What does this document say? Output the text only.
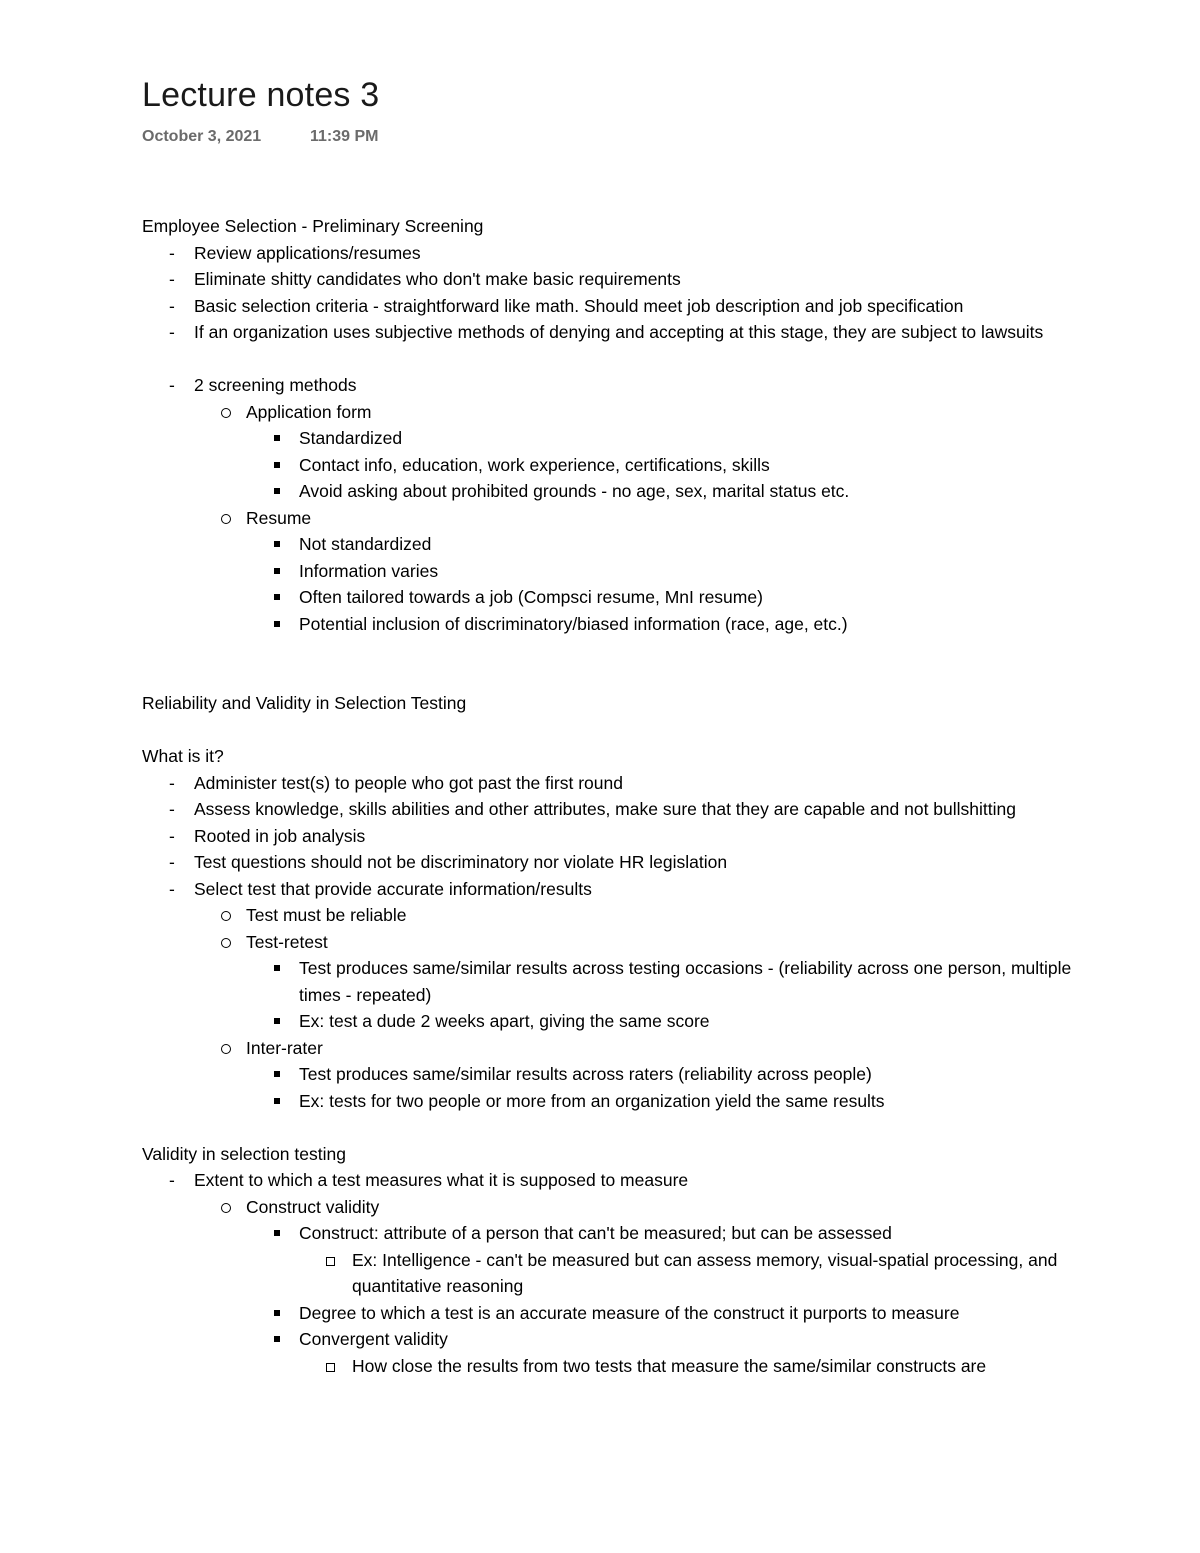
Lecture notes 3
October 3, 2021	11:39 PM

Employee Selection - Preliminary Screening

- Review applications/resumes
- Eliminate shitty candidates who don't make basic requirements
- Basic selection criteria - straightforward like math. Should meet job description and job specification
- If an organization uses subjective methods of denying and accepting at this stage, they are subject to lawsuits
- 2 screening methods
Application form
Standardized
Contact info, education, work experience, certifications, skills
Avoid asking about prohibited grounds - no age, sex, marital status etc.
Resume
Not standardized
Information varies
Often tailored towards a job (Compsci resume, MnI resume)
Potential inclusion of discriminatory/biased information (race, age, etc.)

Reliability and Validity in Selection Testing

What is it?

- Administer test(s) to people who got past the first round
- Assess knowledge, skills abilities and other attributes, make sure that they are capable and not bullshitting
- Rooted in job analysis
- Test questions should not be discriminatory nor violate HR legislation
- Select test that provide accurate information/results
Test must be reliable
Test-retest
Test produces same/similar results across testing occasions - (reliability across one person, multiple times - repeated)
Ex: test a dude 2 weeks apart, giving the same score
Inter-rater
Test produces same/similar results across raters (reliability across people)
Ex: tests for two people or more from an organization yield the same results

Validity in selection testing

- Extent to which a test measures what it is supposed to measure
Construct validity
Construct: attribute of a person that can't be measured; but can be assessed
Ex: Intelligence - can't be measured but can assess memory, visual-spatial processing, and quantitative reasoning
Degree to which a test is an accurate measure of the construct it purports to measure
Convergent validity
How close the results from two tests that measure the same/similar constructs are
